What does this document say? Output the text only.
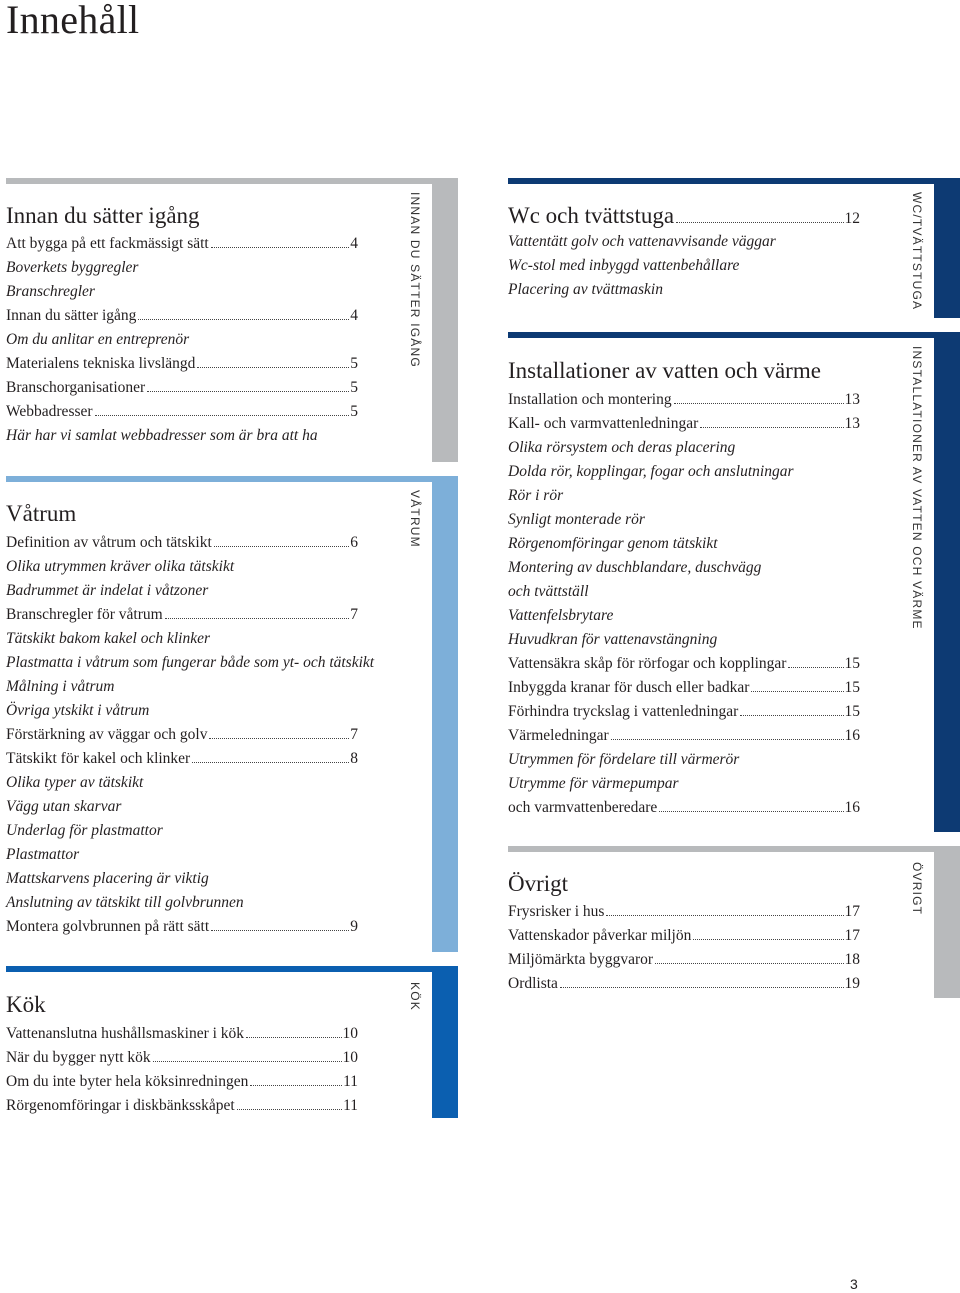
Innehåll
INNAN DU SÄTTER IGÅNG
Innan du sätter igång
Att bygga på ett fackmässigt sätt	4
Boverkets byggregler
Branschregler
Innan du sätter igång	4
Om du anlitar en entreprenör
Materialens tekniska livslängd	5
Branschorganisationer	5
Webbadresser	5
Här har vi samlat webbadresser som är bra att ha
VÅTRUM
Våtrum
Definition av våtrum och tätskikt	6
Olika utrymmen kräver olika tätskikt
Badrummet är indelat i våtzoner
Branschregler för våtrum	7
Tätskikt bakom kakel och klinker
Plastmatta i våtrum som fungerar både som yt- och tätskikt
Målning i våtrum
Övriga ytskikt i våtrum
Förstärkning av väggar och golv	7
Tätskikt för kakel och klinker	8
Olika typer av tätskikt
Vägg utan skarvar
Underlag för plastmattor
Plastmattor
Mattskarvens placering är viktig
Anslutning av tätskikt till golvbrunnen
Montera golvbrunnen på rätt sätt	9
KÖK
Kök
Vattenanslutna hushållsmaskiner i kök	10
När du bygger nytt kök	10
Om du inte byter hela köksinredningen	11
Rörgenomföringar i diskbänksskåpet	11
WC/TVÄTTSTUGA
Wc och tvättstuga	12
Vattentätt golv och vattenavvisande väggar
Wc-stol med inbyggd vattenbehållare
Placering av tvättmaskin
INSTALLATIONER AV VATTEN OCH VÄRME
Installationer av vatten och värme
Installation och montering	13
Kall- och varmvattenledningar	13
Olika rörsystem och deras placering
Dolda rör, kopplingar, fogar och anslutningar
Rör i rör
Synligt monterade rör
Rörgenomföringar genom tätskikt
Montering av duschblandare, duschvägg
och tvättställ
Vattenfelsbrytare
Huvudkran för vattenavstängning
Vattensäkra skåp för rörfogar och kopplingar	15
Inbyggda kranar för dusch eller badkar	15
Förhindra tryckslag i vattenledningar	15
Värmeledningar	16
Utrymmen för fördelare till värmerör
Utrymme för värmepumpar
och varmvattenberedare	16
ÖVRIGT
Övrigt
Frysrisker i hus	17
Vattenskador påverkar miljön	17
Miljömärkta byggvaror	18
Ordlista	19
3
